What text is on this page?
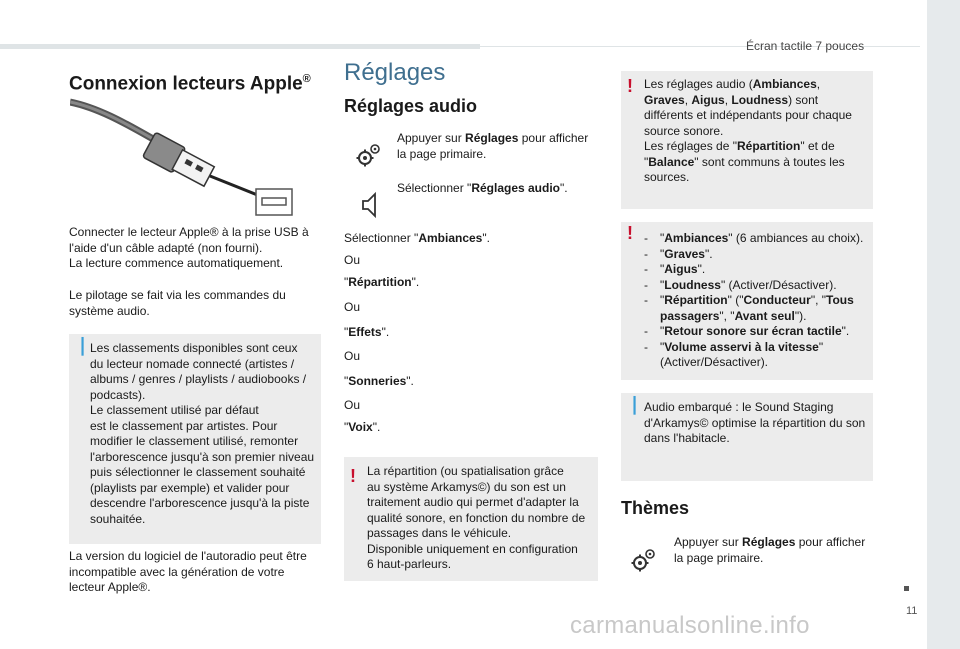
Écran tactile 7 pouces
11
carmanualsonline.info
Connexion lecteurs Apple®
Connecter le lecteur Apple® à la prise USB à
l'aide d'un câble adapté (non fourni).
La lecture commence automatiquement.
Le pilotage se fait via les commandes du
système audio.
❘ Les classements disponibles sont ceux
du lecteur nomade connecté (artistes /
albums / genres / playlists / audiobooks /
podcasts).
Le classement utilisé par défaut
est le classement par artistes. Pour
modifier le classement utilisé, remonter
l'arborescence jusqu'à son premier niveau
puis sélectionner le classement souhaité
(playlists par exemple) et valider pour
descendre l'arborescence jusqu'à la piste
souhaitée.
La version du logiciel de l'autoradio peut être
incompatible avec la génération de votre
lecteur Apple®.
Réglages
Réglages audio
Appuyer sur Réglages pour afficher
la page primaire.
Sélectionner "Réglages audio".
Sélectionner "Ambiances".
Ou
"Répartition".
Ou
"Effets".
Ou
"Sonneries".
Ou
"Voix".
! La répartition (ou spatialisation grâce
au système Arkamys©) du son est un
traitement audio qui permet d'adapter la
qualité sonore, en fonction du nombre de
passages dans le véhicule.
Disponible uniquement en configuration
6 haut-parleurs.
! Les réglages audio (Ambiances,
Graves, Aigus, Loudness) sont
différents et indépendants pour chaque
source sonore.
Les réglages de "Répartition" et de
"Balance" sont communs à toutes les
sources.
!
-	"Ambiances" (6 ambiances au choix).
- "Graves".
- "Aigus".
- "Loudness" (Activer/Désactiver).
- "Répartition" ("Conducteur", "Tous
passagers", "Avant seul").
- "Retour sonore sur écran tactile".
- "Volume asservi à la vitesse"
(Activer/Désactiver).
❘ Audio embarqué : le Sound Staging
d'Arkamys© optimise la répartition du son
dans l'habitacle.
Thèmes
Appuyer sur Réglages pour afficher
la page primaire.
